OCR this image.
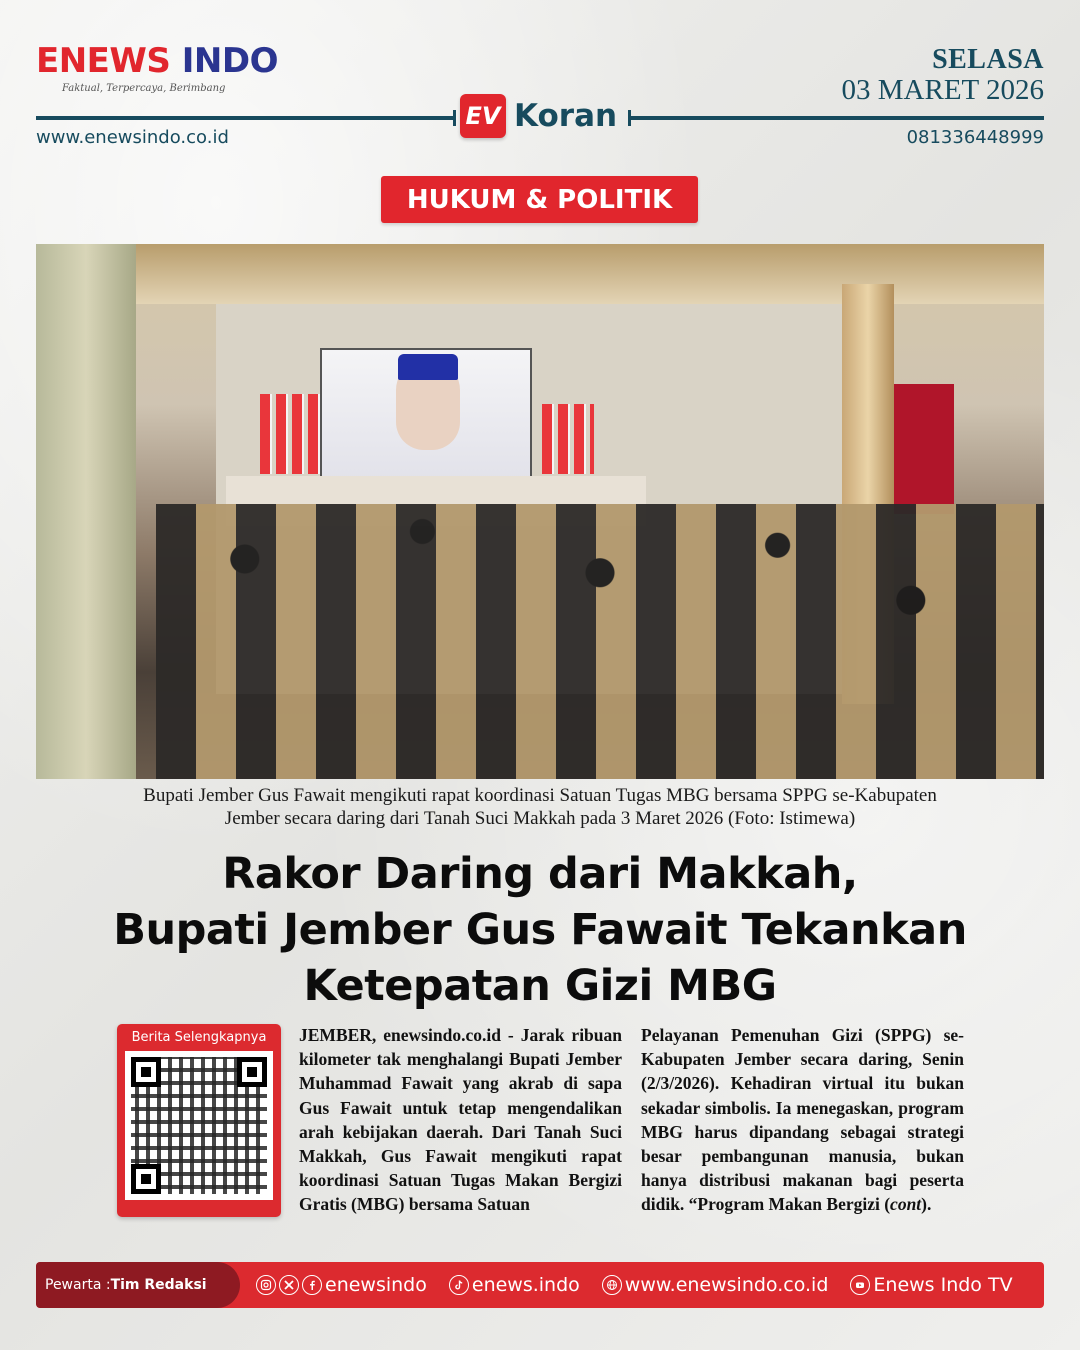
ENEWS INDO
Faktual, Terpercaya, Berimbang
SELASA
03 MARET 2026
EV Koran
www.enewsindo.co.id	081336448999
HUKUM & POLITIK
Bupati Jember Gus Fawait mengikuti rapat koordinasi Satuan Tugas MBG bersama SPPG se-Kabupaten
Jember secara daring dari Tanah Suci Makkah pada 3 Maret 2026 (Foto: Istimewa)
Rakor Daring dari Makkah,
Bupati Jember Gus Fawait Tekankan
Ketepatan Gizi MBG
Berita Selengkapnya	JEMBER, enewsindo.co.id - Jarak ribuan kilometer tak menghalangi Bupati Jember Muhammad Fawait yang akrab di sapa Gus Fawait untuk tetap mengendalikan arah kebijakan daerah. Dari Tanah Suci Makkah, Gus Fawait mengikuti rapat koordinasi Satuan Tugas Makan Bergizi Gratis (MBG) bersama Satuan
Pelayanan Pemenuhan Gizi (SPPG) se-Kabupaten Jember secara daring, Senin (2/3/2026). Kehadiran virtual itu bukan sekadar simbolis. Ia menegaskan, program MBG harus dipandang sebagai strategi besar pembangunan manusia, bukan hanya distribusi makanan bagi peserta didik. “Program Makan Bergizi (cont).
Pewarta : Tim Redaksi	enewsindo enews.indo www.enewsindo.co.id Enews Indo TV
